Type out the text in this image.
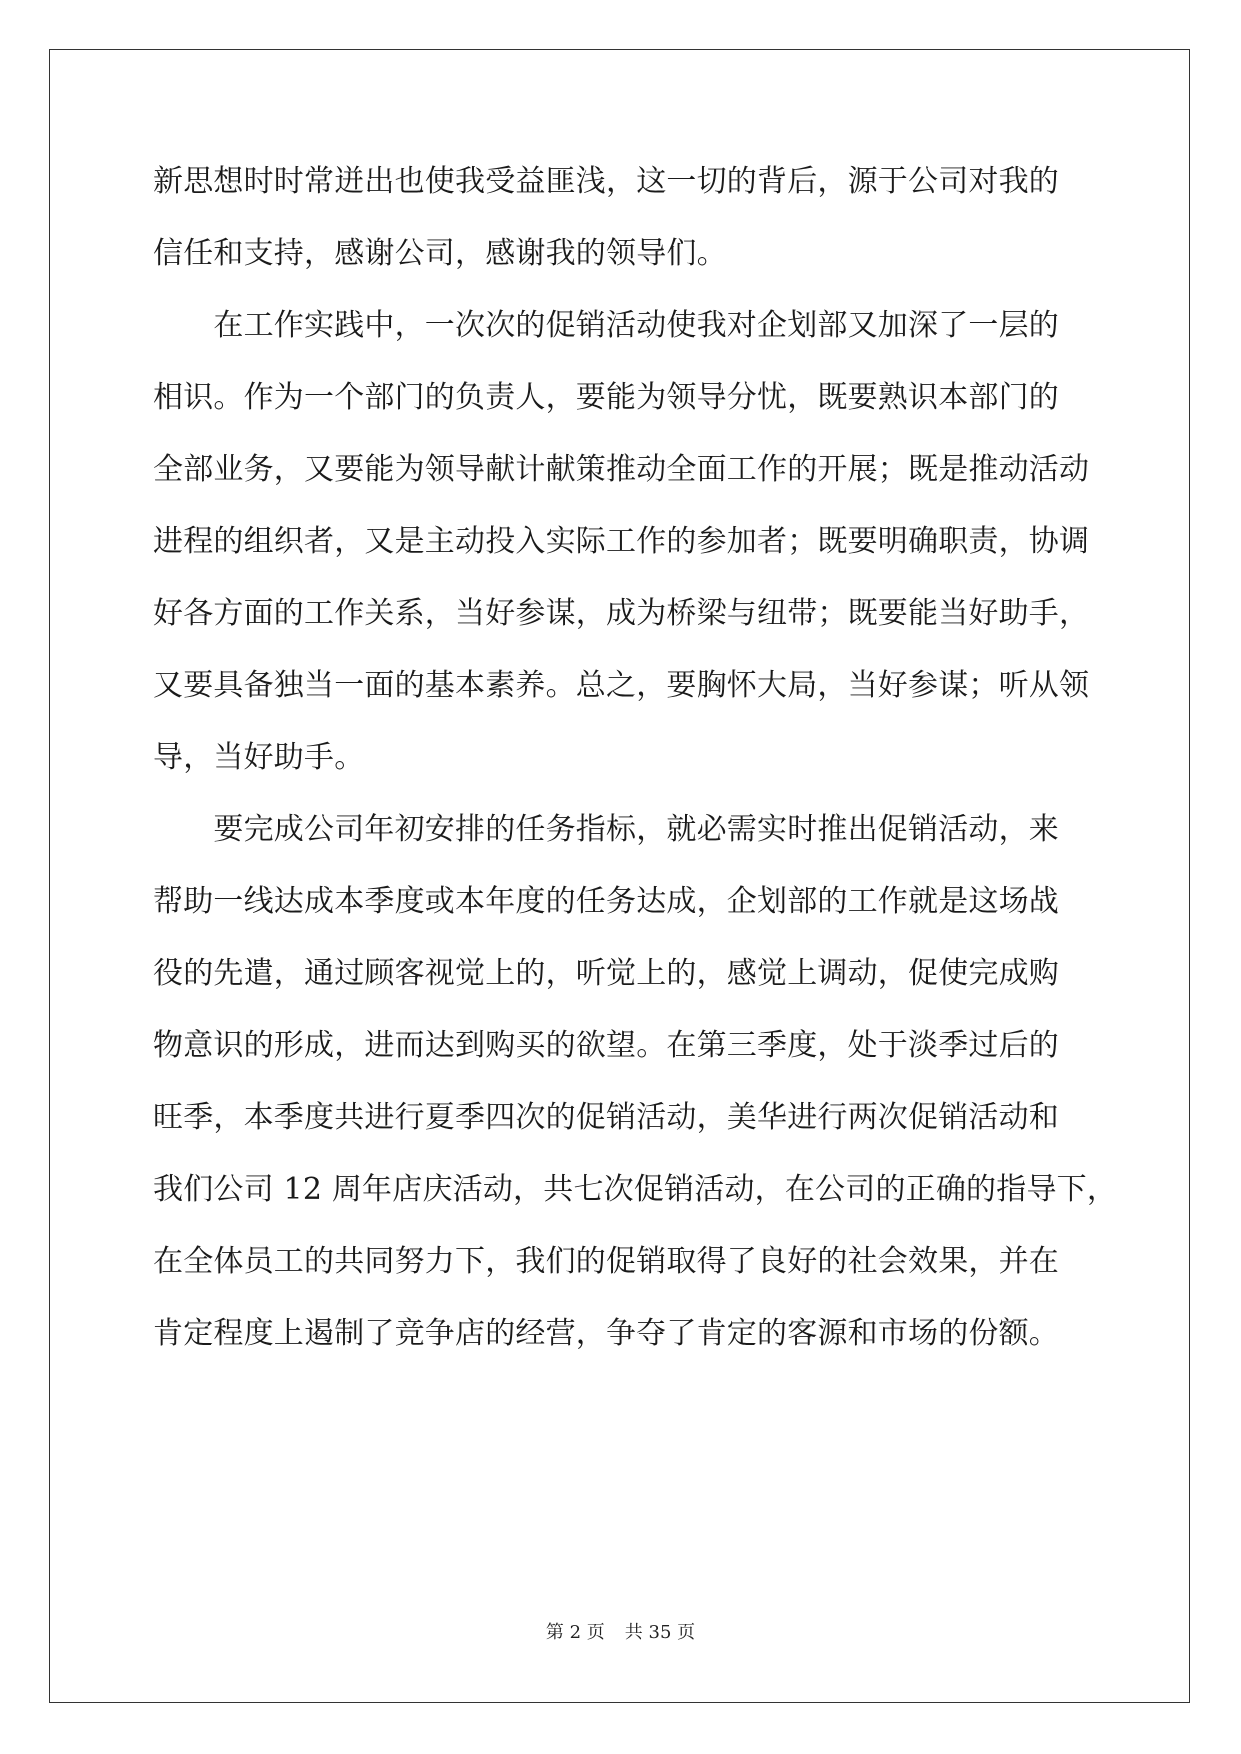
新思想时时常迸出也使我受益匪浅，这一切的背后，源于公司对我的
信任和支持，感谢公司，感谢我的领导们。
　　在工作实践中，一次次的促销活动使我对企划部又加深了一层的
相识。作为一个部门的负责人，要能为领导分忧，既要熟识本部门的
全部业务，又要能为领导献计献策推动全面工作的开展；既是推动活动
进程的组织者，又是主动投入实际工作的参加者；既要明确职责，协调
好各方面的工作关系，当好参谋，成为桥梁与纽带；既要能当好助手，
又要具备独当一面的基本素养。总之，要胸怀大局，当好参谋；听从领
导，当好助手。
　　要完成公司年初安排的任务指标，就必需实时推出促销活动，来
帮助一线达成本季度或本年度的任务达成，企划部的工作就是这场战
役的先遣，通过顾客视觉上的，听觉上的，感觉上调动，促使完成购
物意识的形成，进而达到购买的欲望。在第三季度，处于淡季过后的
旺季，本季度共进行夏季四次的促销活动，美华进行两次促销活动和
我们公司 12 周年店庆活动，共七次促销活动，在公司的正确的指导下，
在全体员工的共同努力下，我们的促销取得了良好的社会效果，并在
肯定程度上遏制了竞争店的经营，争夺了肯定的客源和市场的份额。
第 2 页 共 35 页
